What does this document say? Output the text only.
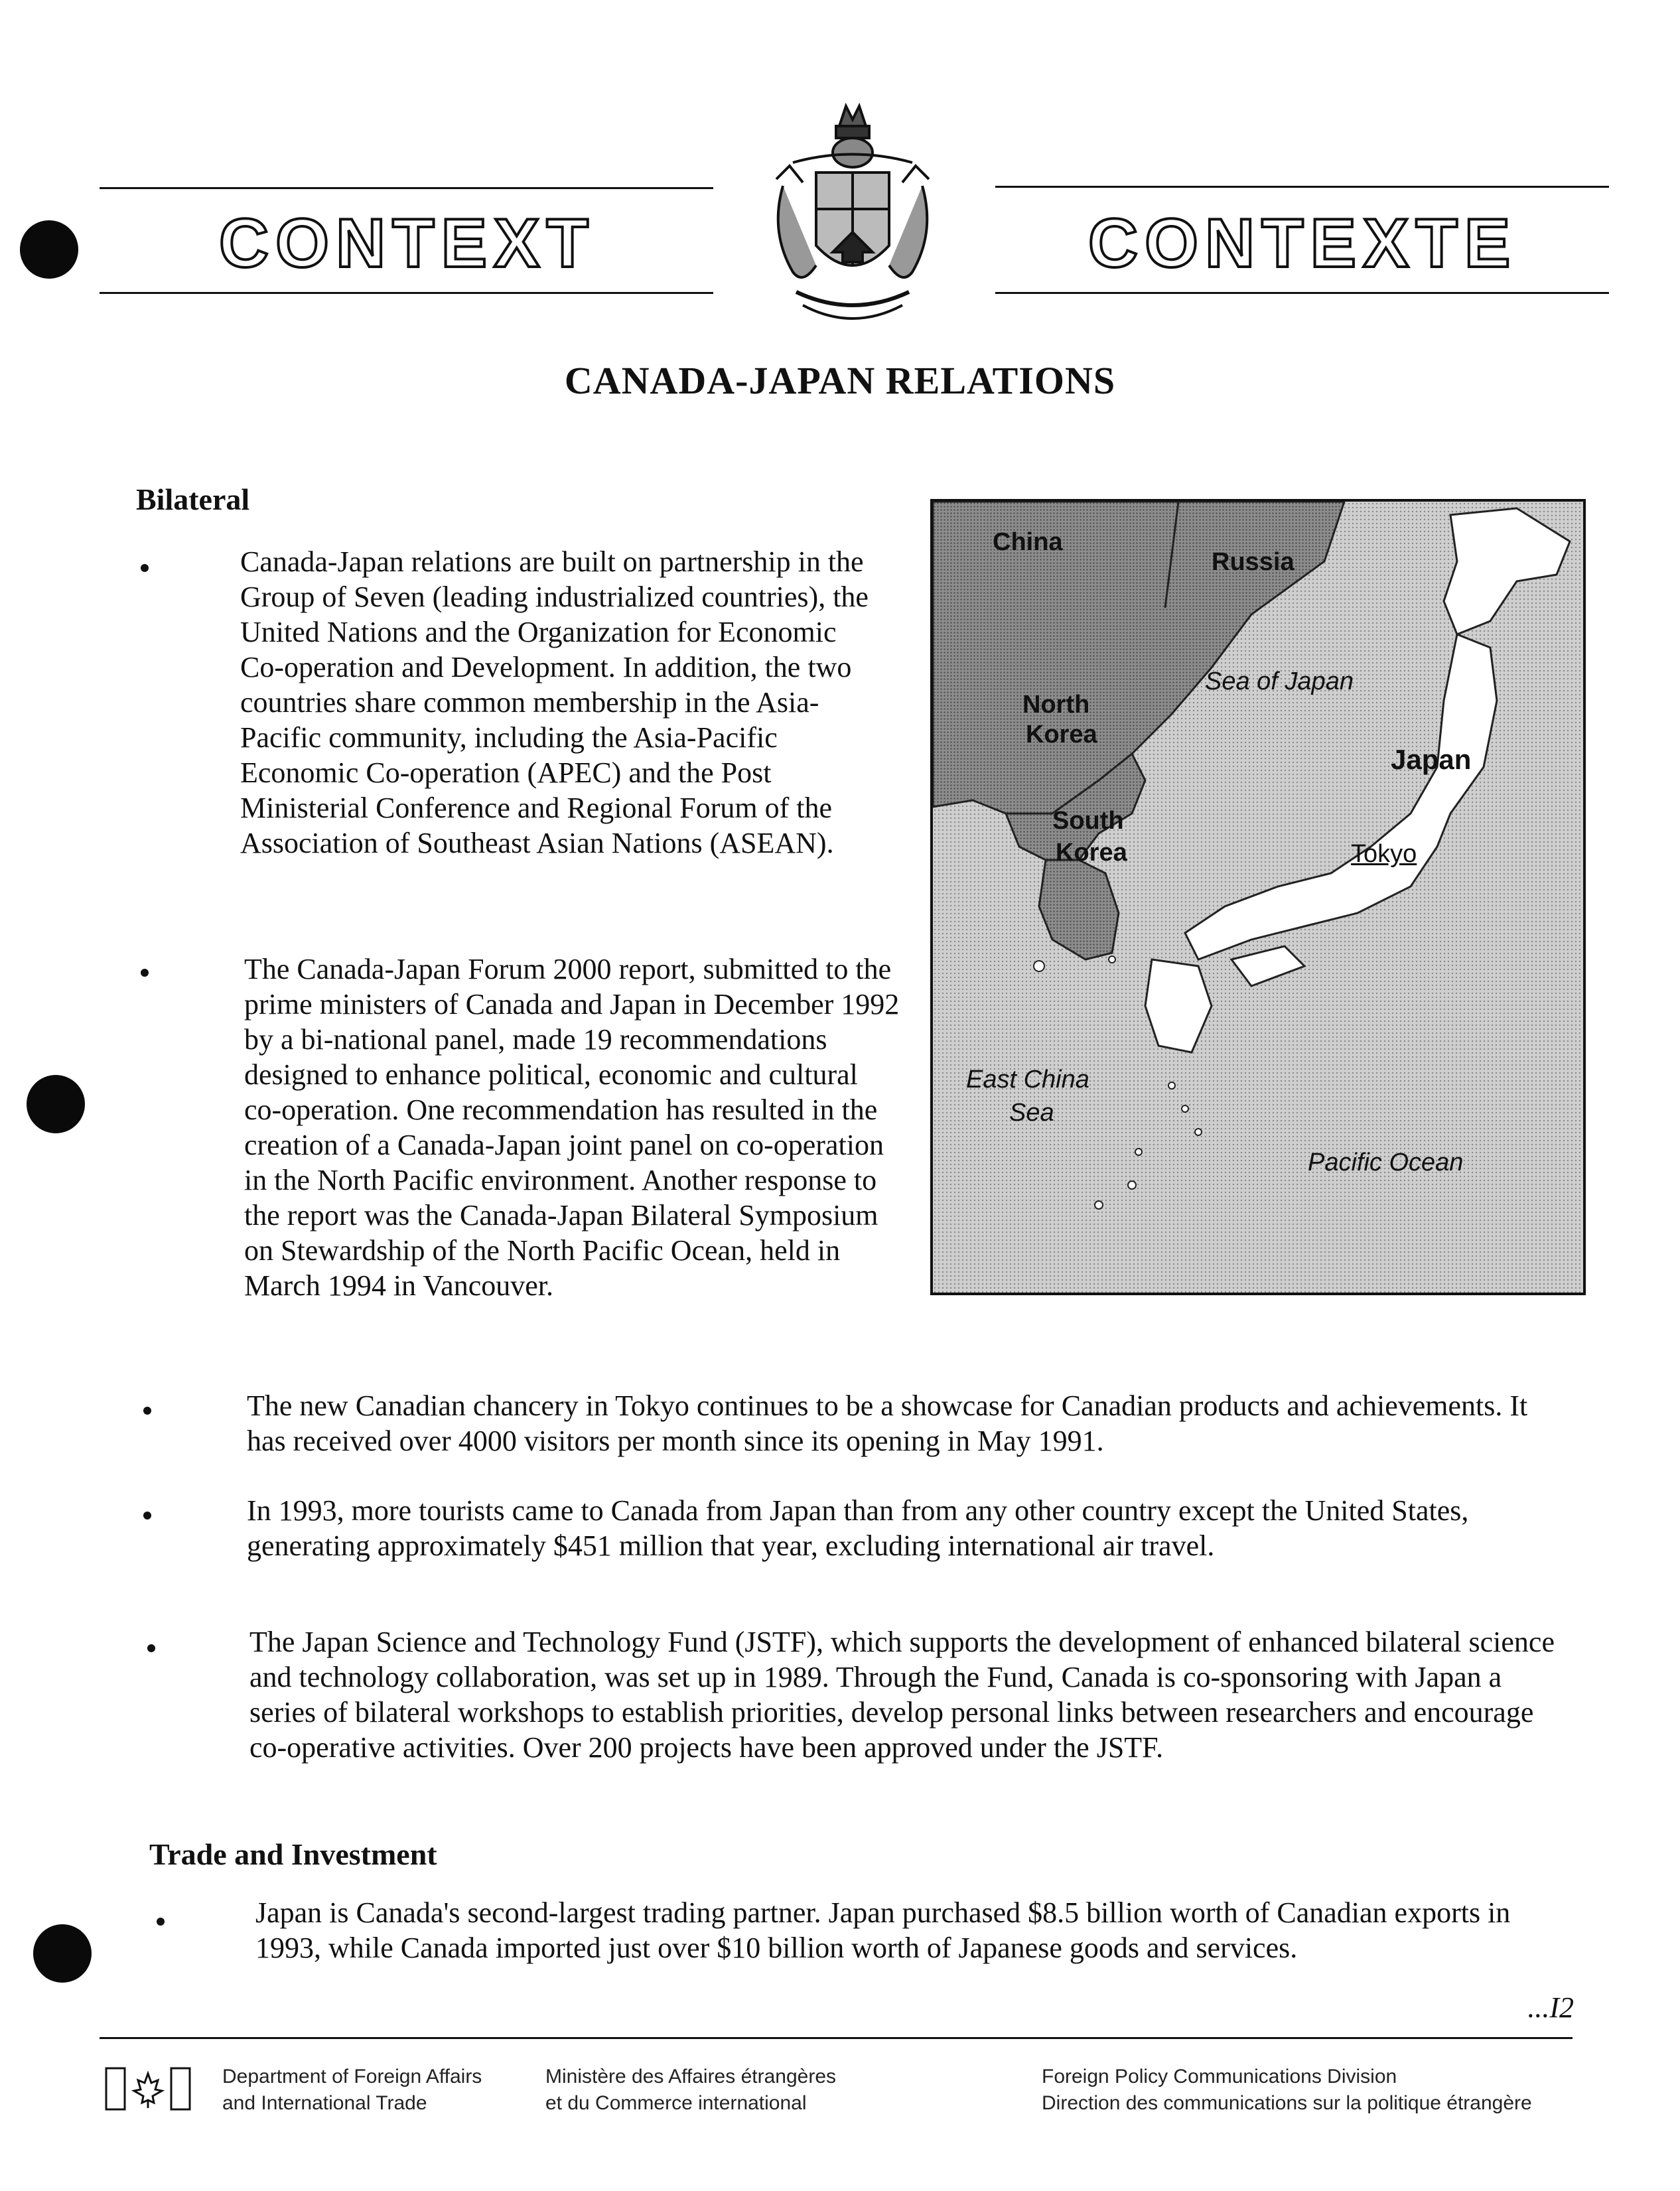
CONTEXT	CONTEXTE
CANADA-JAPAN RELATIONS
Bilateral
Canada-Japan relations are built on partnership in the Group of Seven (leading industrialized countries), the United Nations and the Organization for Economic Co-operation and Development. In addition, the two countries share common membership in the Asia-Pacific community, including the Asia-Pacific Economic Co-operation (APEC) and the Post Ministerial Conference and Regional Forum of the Association of Southeast Asian Nations (ASEAN).
The Canada-Japan Forum 2000 report, submitted to the prime ministers of Canada and Japan in December 1992 by a bi-national panel, made 19 recommendations designed to enhance political, economic and cultural co-operation. One recommendation has resulted in the creation of a Canada-Japan joint panel on co-operation in the North Pacific environment. Another response to the report was the Canada-Japan Bilateral Symposium on Stewardship of the North Pacific Ocean, held in March 1994 in Vancouver.
The new Canadian chancery in Tokyo continues to be a showcase for Canadian products and achievements. It has received over 4000 visitors per month since its opening in May 1991.
In 1993, more tourists came to Canada from Japan than from any other country except the United States, generating approximately $451 million that year, excluding international air travel.
The Japan Science and Technology Fund (JSTF), which supports the development of enhanced bilateral science and technology collaboration, was set up in 1989. Through the Fund, Canada is co-sponsoring with Japan a series of bilateral workshops to establish priorities, develop personal links between researchers and encourage co-operative activities. Over 200 projects have been approved under the JSTF.
Trade and Investment
Japan is Canada's second-largest trading partner. Japan purchased $8.5 billion worth of Canadian exports in 1993, while Canada imported just over $10 billion worth of Japanese goods and services.
China
Russia
Sea of Japan
North
Korea
Japan
South
Korea	Tokyo
East China
Sea
Pacific Ocean
...I2
Department of Foreign Affairs
and International Trade
Ministère des Affaires étrangères
et du Commerce international
Foreign Policy Communications Division
Direction des communications sur la politique étrangère
